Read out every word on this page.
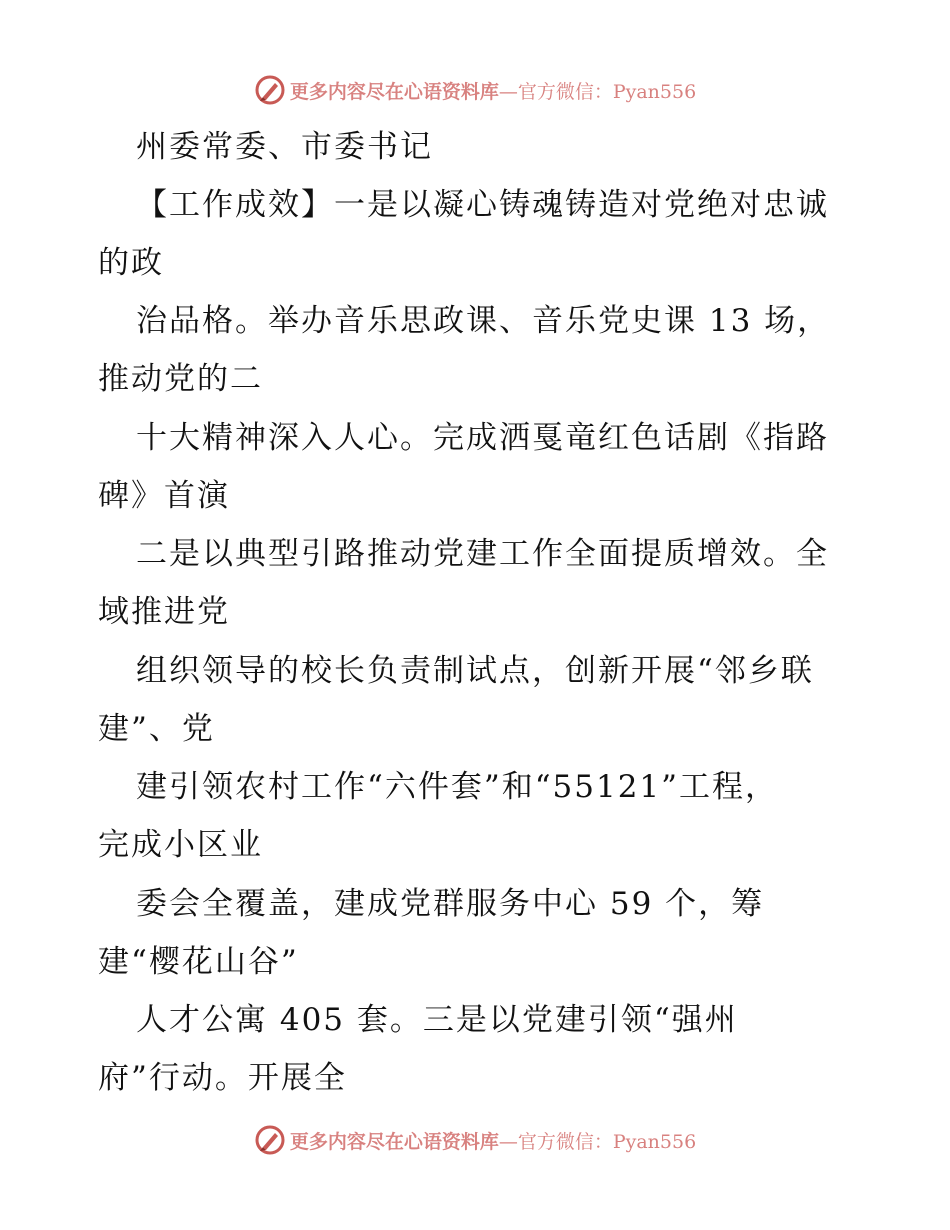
更多内容尽在心语资料库—官方微信：Pyan556
州委常委、市委书记
【工作成效】一是以凝心铸魂铸造对党绝对忠诚
的政
治品格。举办音乐思政课、音乐党史课 13 场，
推动党的二
十大精神深入人心。完成洒戛竜红色话剧《指路
碑》首演
二是以典型引路推动党建工作全面提质增效。全
域推进党
组织领导的校长负责制试点，创新开展“邻乡联
建”、党
建引领农村工作“六件套”和“55121”工程，
完成小区业
委会全覆盖，建成党群服务中心 59 个，筹
建“樱花山谷”
人才公寓 405 套。三是以党建引领“强州
府”行动。开展全
更多内容尽在心语资料库—官方微信：Pyan556
